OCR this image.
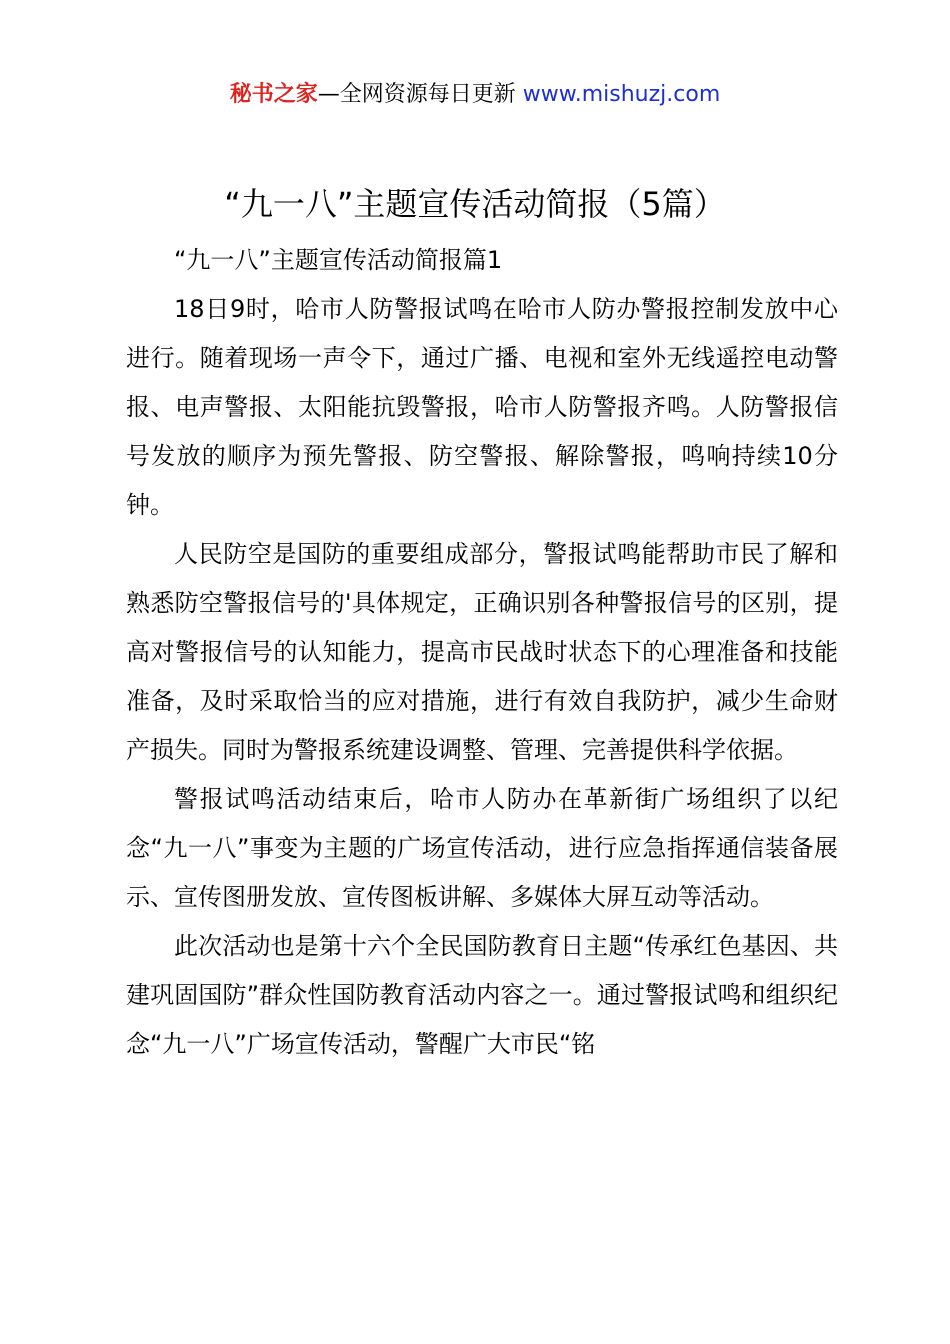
秘书之家—全网资源每日更新 www.mishuzj.com
“九一八”主题宣传活动简报（5篇）

“九一八”主题宣传活动简报篇1

18日9时，哈市人防警报试鸣在哈市人防办警报控制发放中心进行。随着现场一声令下，通过广播、电视和室外无线遥控电动警报、电声警报、太阳能抗毁警报，哈市人防警报齐鸣。人防警报信号发放的顺序为预先警报、防空警报、解除警报，鸣响持续10分钟。

人民防空是国防的重要组成部分，警报试鸣能帮助市民了解和熟悉防空警报信号的'具体规定，正确识别各种警报信号的区别，提高对警报信号的认知能力，提高市民战时状态下的心理准备和技能准备，及时采取恰当的应对措施，进行有效自我防护，减少生命财产损失。同时为警报系统建设调整、管理、完善提供科学依据。

警报试鸣活动结束后，哈市人防办在革新街广场组织了以纪念“九一八”事变为主题的广场宣传活动，进行应急指挥通信装备展示、宣传图册发放、宣传图板讲解、多媒体大屏互动等活动。

此次活动也是第十六个全民国防教育日主题“传承红色基因、共建巩固国防”群众性国防教育活动内容之一。通过警报试鸣和组织纪念“九一八”广场宣传活动，警醒广大市民“铭
